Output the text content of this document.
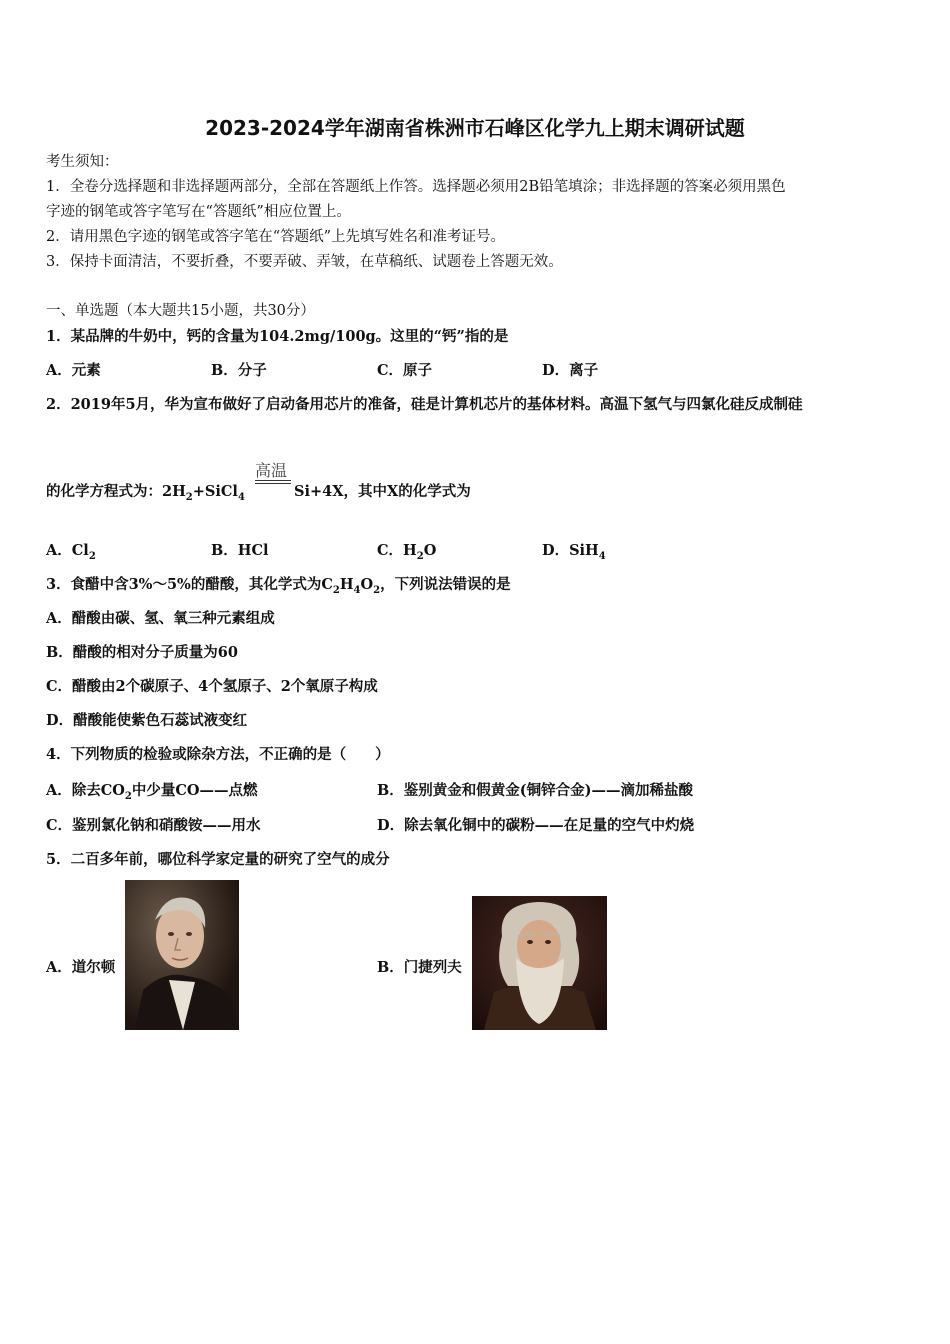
2023-2024学年湖南省株洲市石峰区化学九上期末调研试题
考生须知：
1．全卷分选择题和非选择题两部分，全部在答题纸上作答。选择题必须用2B铅笔填涂；非选择题的答案必须用黑色
字迹的钢笔或答字笔写在“答题纸”相应位置上。
2．请用黑色字迹的钢笔或答字笔在“答题纸”上先填写姓名和准考证号。
3．保持卡面清洁，不要折叠，不要弄破、弄皱，在草稿纸、试题卷上答题无效。
一、单选题（本大题共15小题，共30分）
1．某品牌的牛奶中，钙的含量为104.2mg/100g。这里的“钙”指的是
A．元素	B．分子	C．原子	D．离子
2．2019年5月，华为宣布做好了启动备用芯片的准备，硅是计算机芯片的基体材料。高温下氢气与四氯化硅反成制硅
高温
的化学方程式为：$2H_2+SiCl_4$	Si+4X，其中X的化学式为
A．$Cl_2$	B．HCl	C．$H_2O$	D．SiH$_4$
3．食醋中含3%～5%的醋酸，其化学式为$C_2H_4O_2$，下列说法错误的是
A．醋酸由碳、氢、氧三种元素组成
B．醋酸的相对分子质量为60
C．醋酸由2个碳原子、4个氢原子、2个氧原子构成
D．醋酸能使紫色石蕊试液变红
4．下列物质的检验或除杂方法，不正确的是（　　）
A．除去$CO_2$中少量CO——点燃	B．鉴别黄金和假黄金(铜锌合金)——滴加稀盐酸
C．鉴别氯化钠和硝酸铵——用水	D．除去氧化铜中的碳粉——在足量的空气中灼烧
5．二百多年前，哪位科学家定量的研究了空气的成分
A．道尔顿	B．门捷列夫
